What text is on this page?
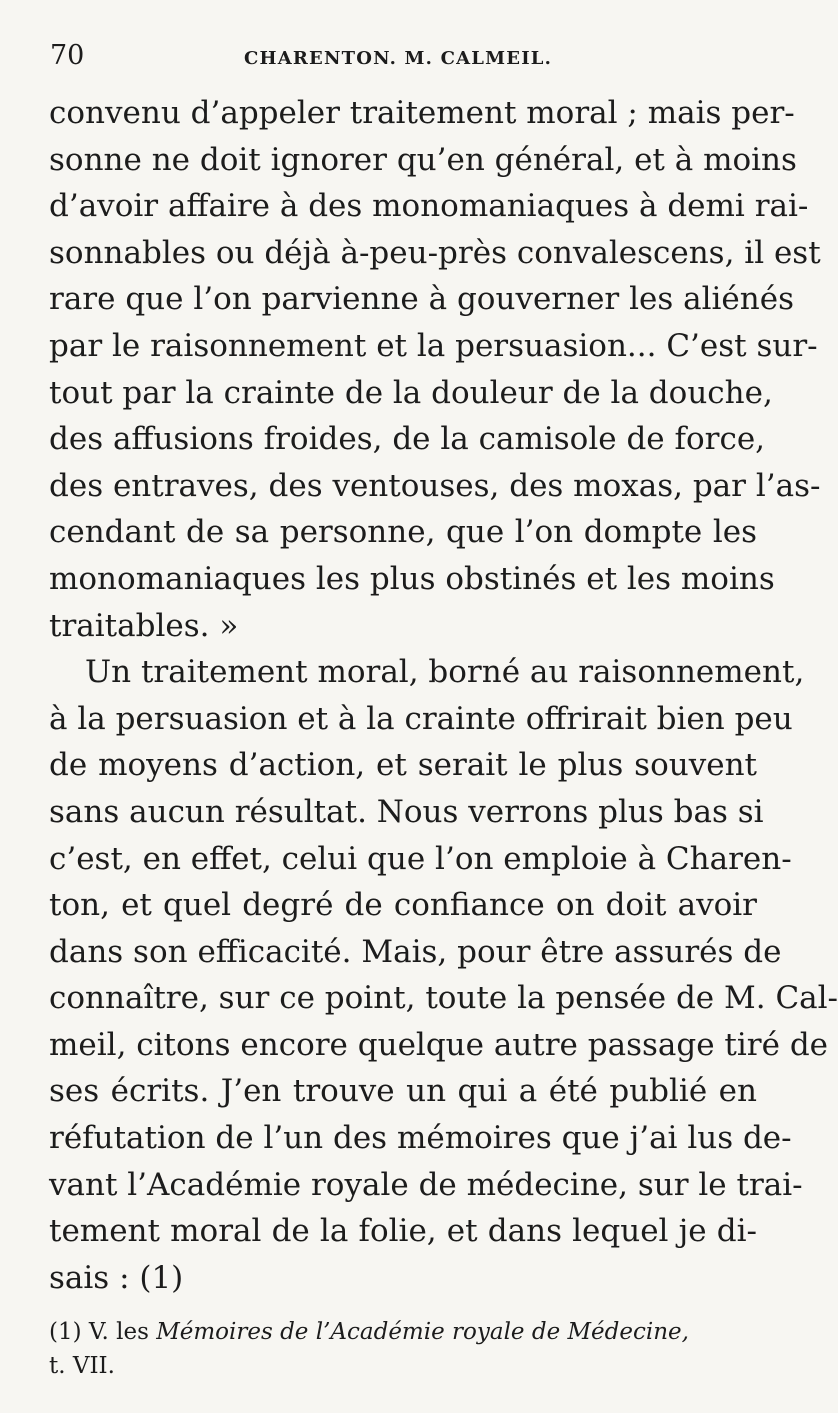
70	CHARENTON. M. CALMEIL.
convenu d’appeler traitement moral ; mais per-
sonne ne doit ignorer qu’en général, et à moins
d’avoir affaire à des monomaniaques à demi rai-
sonnables ou déjà à-peu-près convalescens, il est
rare que l’on parvienne à gouverner les aliénés
par le raisonnement et la persuasion... C’est sur-
tout par la crainte de la douleur de la douche,
des affusions froides, de la camisole de force,
des entraves, des ventouses, des moxas, par l’as-
cendant de sa personne, que l’on dompte les
monomaniaques les plus obstinés et les moins
traitables. »
Un traitement moral, borné au raisonnement,
à la persuasion et à la crainte offrirait bien peu
de moyens d’action, et serait le plus souvent
sans aucun résultat. Nous verrons plus bas si
c’est, en effet, celui que l’on emploie à Charen-
ton, et quel degré de confiance on doit avoir
dans son efficacité. Mais, pour être assurés de
connaître, sur ce point, toute la pensée de M. Cal-
meil, citons encore quelque autre passage tiré de
ses écrits. J’en trouve un qui a été publié en
réfutation de l’un des mémoires que j’ai lus de-
vant l’Académie royale de médecine, sur le trai-
tement moral de la folie, et dans lequel je di-
sais : (1)
(1) V. les Mémoires de l’Académie royale de Médecine,
t. VII.
